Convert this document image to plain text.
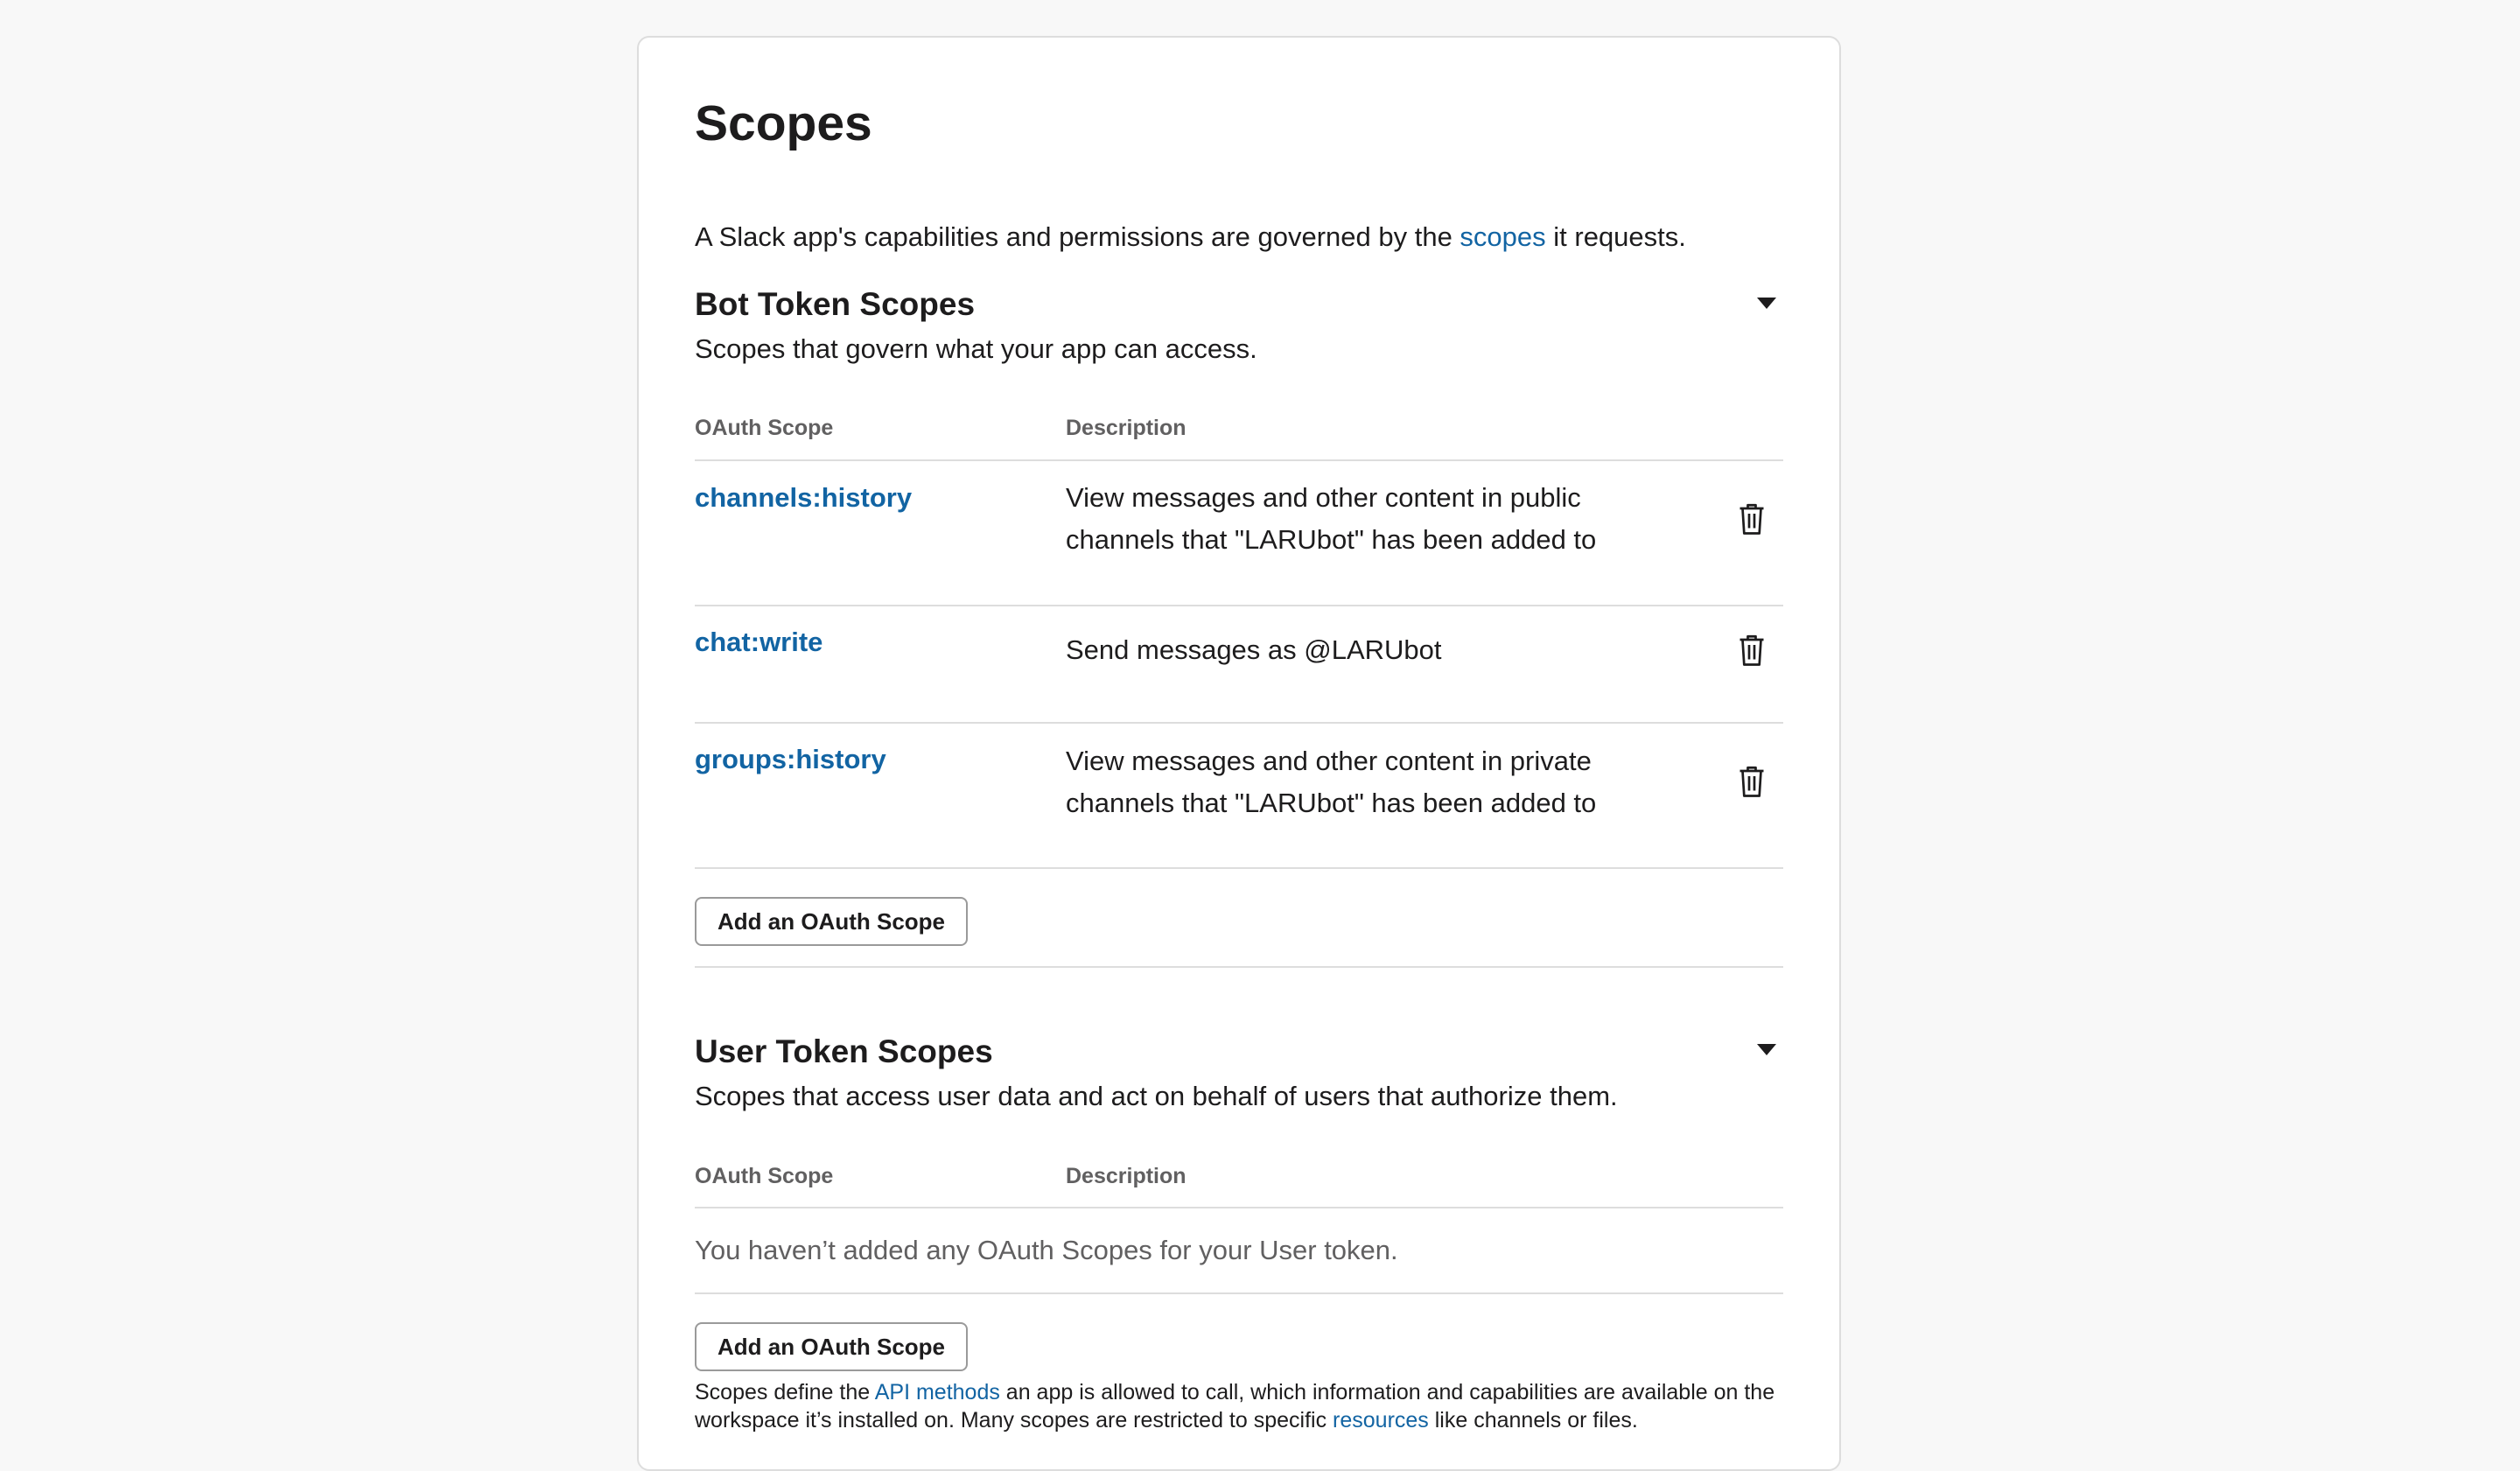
Scopes
A Slack app's capabilities and permissions are governed by the scopes it requests.
Bot Token Scopes
Scopes that govern what your app can access.
OAuth Scope	Description
channels:history	View messages and other content in public channels that "LARUbot" has been added to
chat:write	Send messages as @LARUbot
groups:history	View messages and other content in private channels that "LARUbot" has been added to
Add an OAuth Scope
User Token Scopes
Scopes that access user data and act on behalf of users that authorize them.
OAuth Scope	Description
You haven’t added any OAuth Scopes for your User token.
Add an OAuth Scope
Scopes define the API methods an app is allowed to call, which information and capabilities are available on the workspace it’s installed on. Many scopes are restricted to specific resources like channels or files.
